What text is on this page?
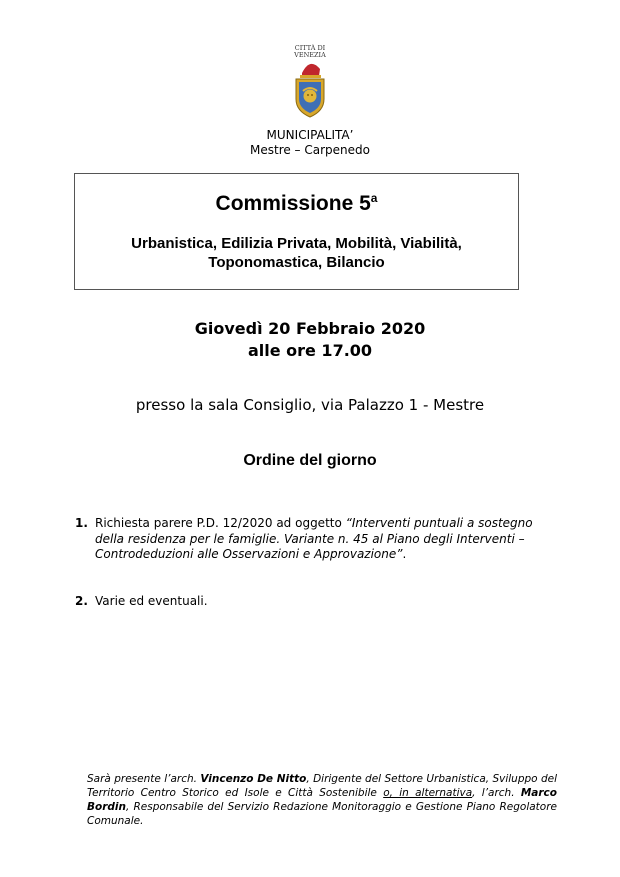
CITTÀ DI
VENEZIA
MUNICIPALITA’
Mestre – Carpenedo
Commissione 5$^a$
Urbanistica, Edilizia Privata, Mobilità, Viabilità,
Toponomastica, Bilancio
Giovedì 20 Febbraio 2020
alle ore 17.00
presso la sala Consiglio, via Palazzo 1 - Mestre
Ordine del giorno
1. Richiesta parere P.D. 12/2020 ad oggetto “Interventi puntuali a sostegno della residenza per le famiglie. Variante n. 45 al Piano degli Interventi – Controdeduzioni alle Osservazioni e Approvazione”.
2. Varie ed eventuali.
Sarà presente l’arch. Vincenzo De Nitto, Dirigente del Settore Urbanistica, Sviluppo del Territorio Centro Storico ed Isole e Città Sostenibile o, in alternativa, l’arch. Marco Bordin, Responsabile del Servizio Redazione Monitoraggio e Gestione Piano Regolatore Comunale.
